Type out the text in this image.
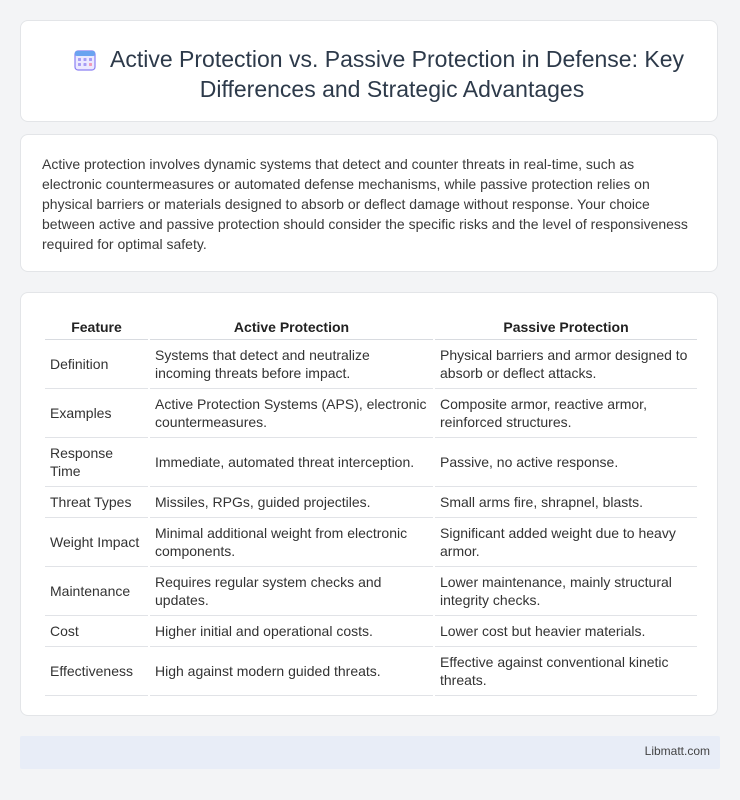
Active Protection vs. Passive Protection in Defense: Key Differences and Strategic Advantages

Active protection involves dynamic systems that detect and counter threats in real-time, such as electronic countermeasures or automated defense mechanisms, while passive protection relies on physical barriers or materials designed to absorb or deflect damage without response. Your choice between active and passive protection should consider the specific risks and the level of responsiveness required for optimal safety.

Feature	Active Protection	Passive Protection
Definition	Systems that detect and neutralize incoming threats before impact.	Physical barriers and armor designed to absorb or deflect attacks.
Examples	Active Protection Systems (APS), electronic countermeasures.	Composite armor, reactive armor, reinforced structures.
Response Time	Immediate, automated threat interception.	Passive, no active response.
Threat Types	Missiles, RPGs, guided projectiles.	Small arms fire, shrapnel, blasts.
Weight Impact	Minimal additional weight from electronic components.	Significant added weight due to heavy armor.
Maintenance	Requires regular system checks and updates.	Lower maintenance, mainly structural integrity checks.
Cost	Higher initial and operational costs.	Lower cost but heavier materials.
Effectiveness	High against modern guided threats.	Effective against conventional kinetic threats.
Libmatt.com
